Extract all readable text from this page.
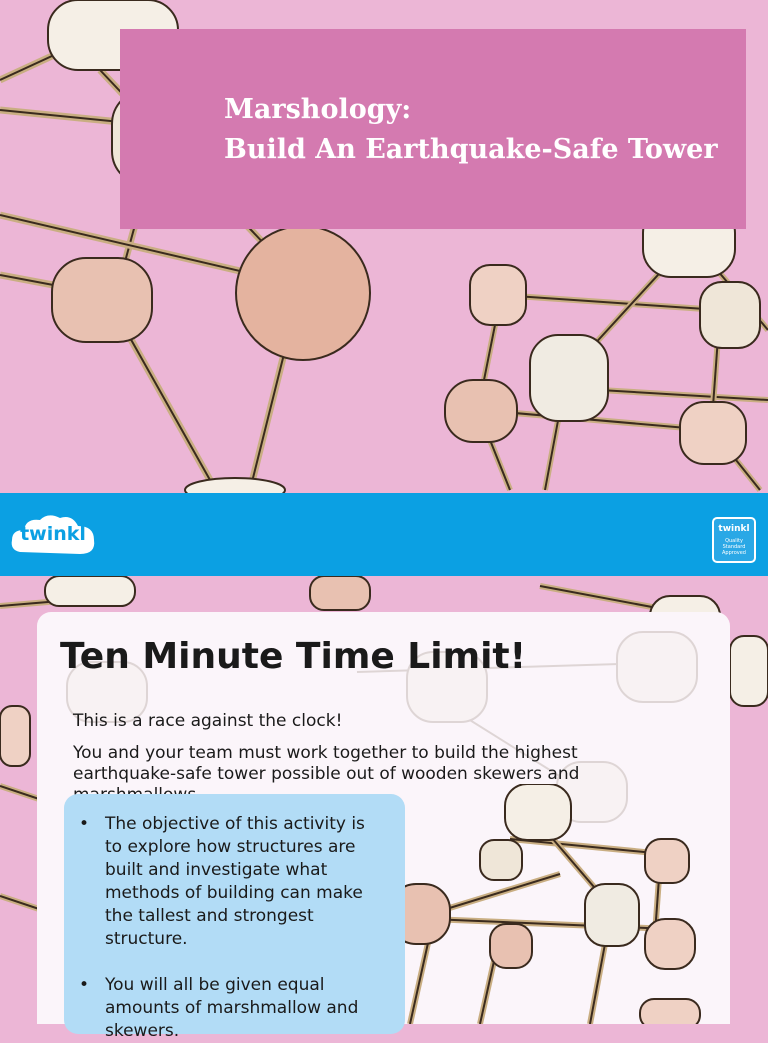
Marshology:
Build An Earthquake-Safe Tower
twinkl	twinkl
Quality Standard Approved
Ten Minute Time Limit!
This is a race against the clock!
You and your team must work together to build the highest earthquake-safe tower possible out of wooden skewers and
• The objective of this activity is to explore how structures are built and investigate what methods of building can make the tallest and strongest structure.
• You will all be given equal amounts of marshmallow and skewers.
